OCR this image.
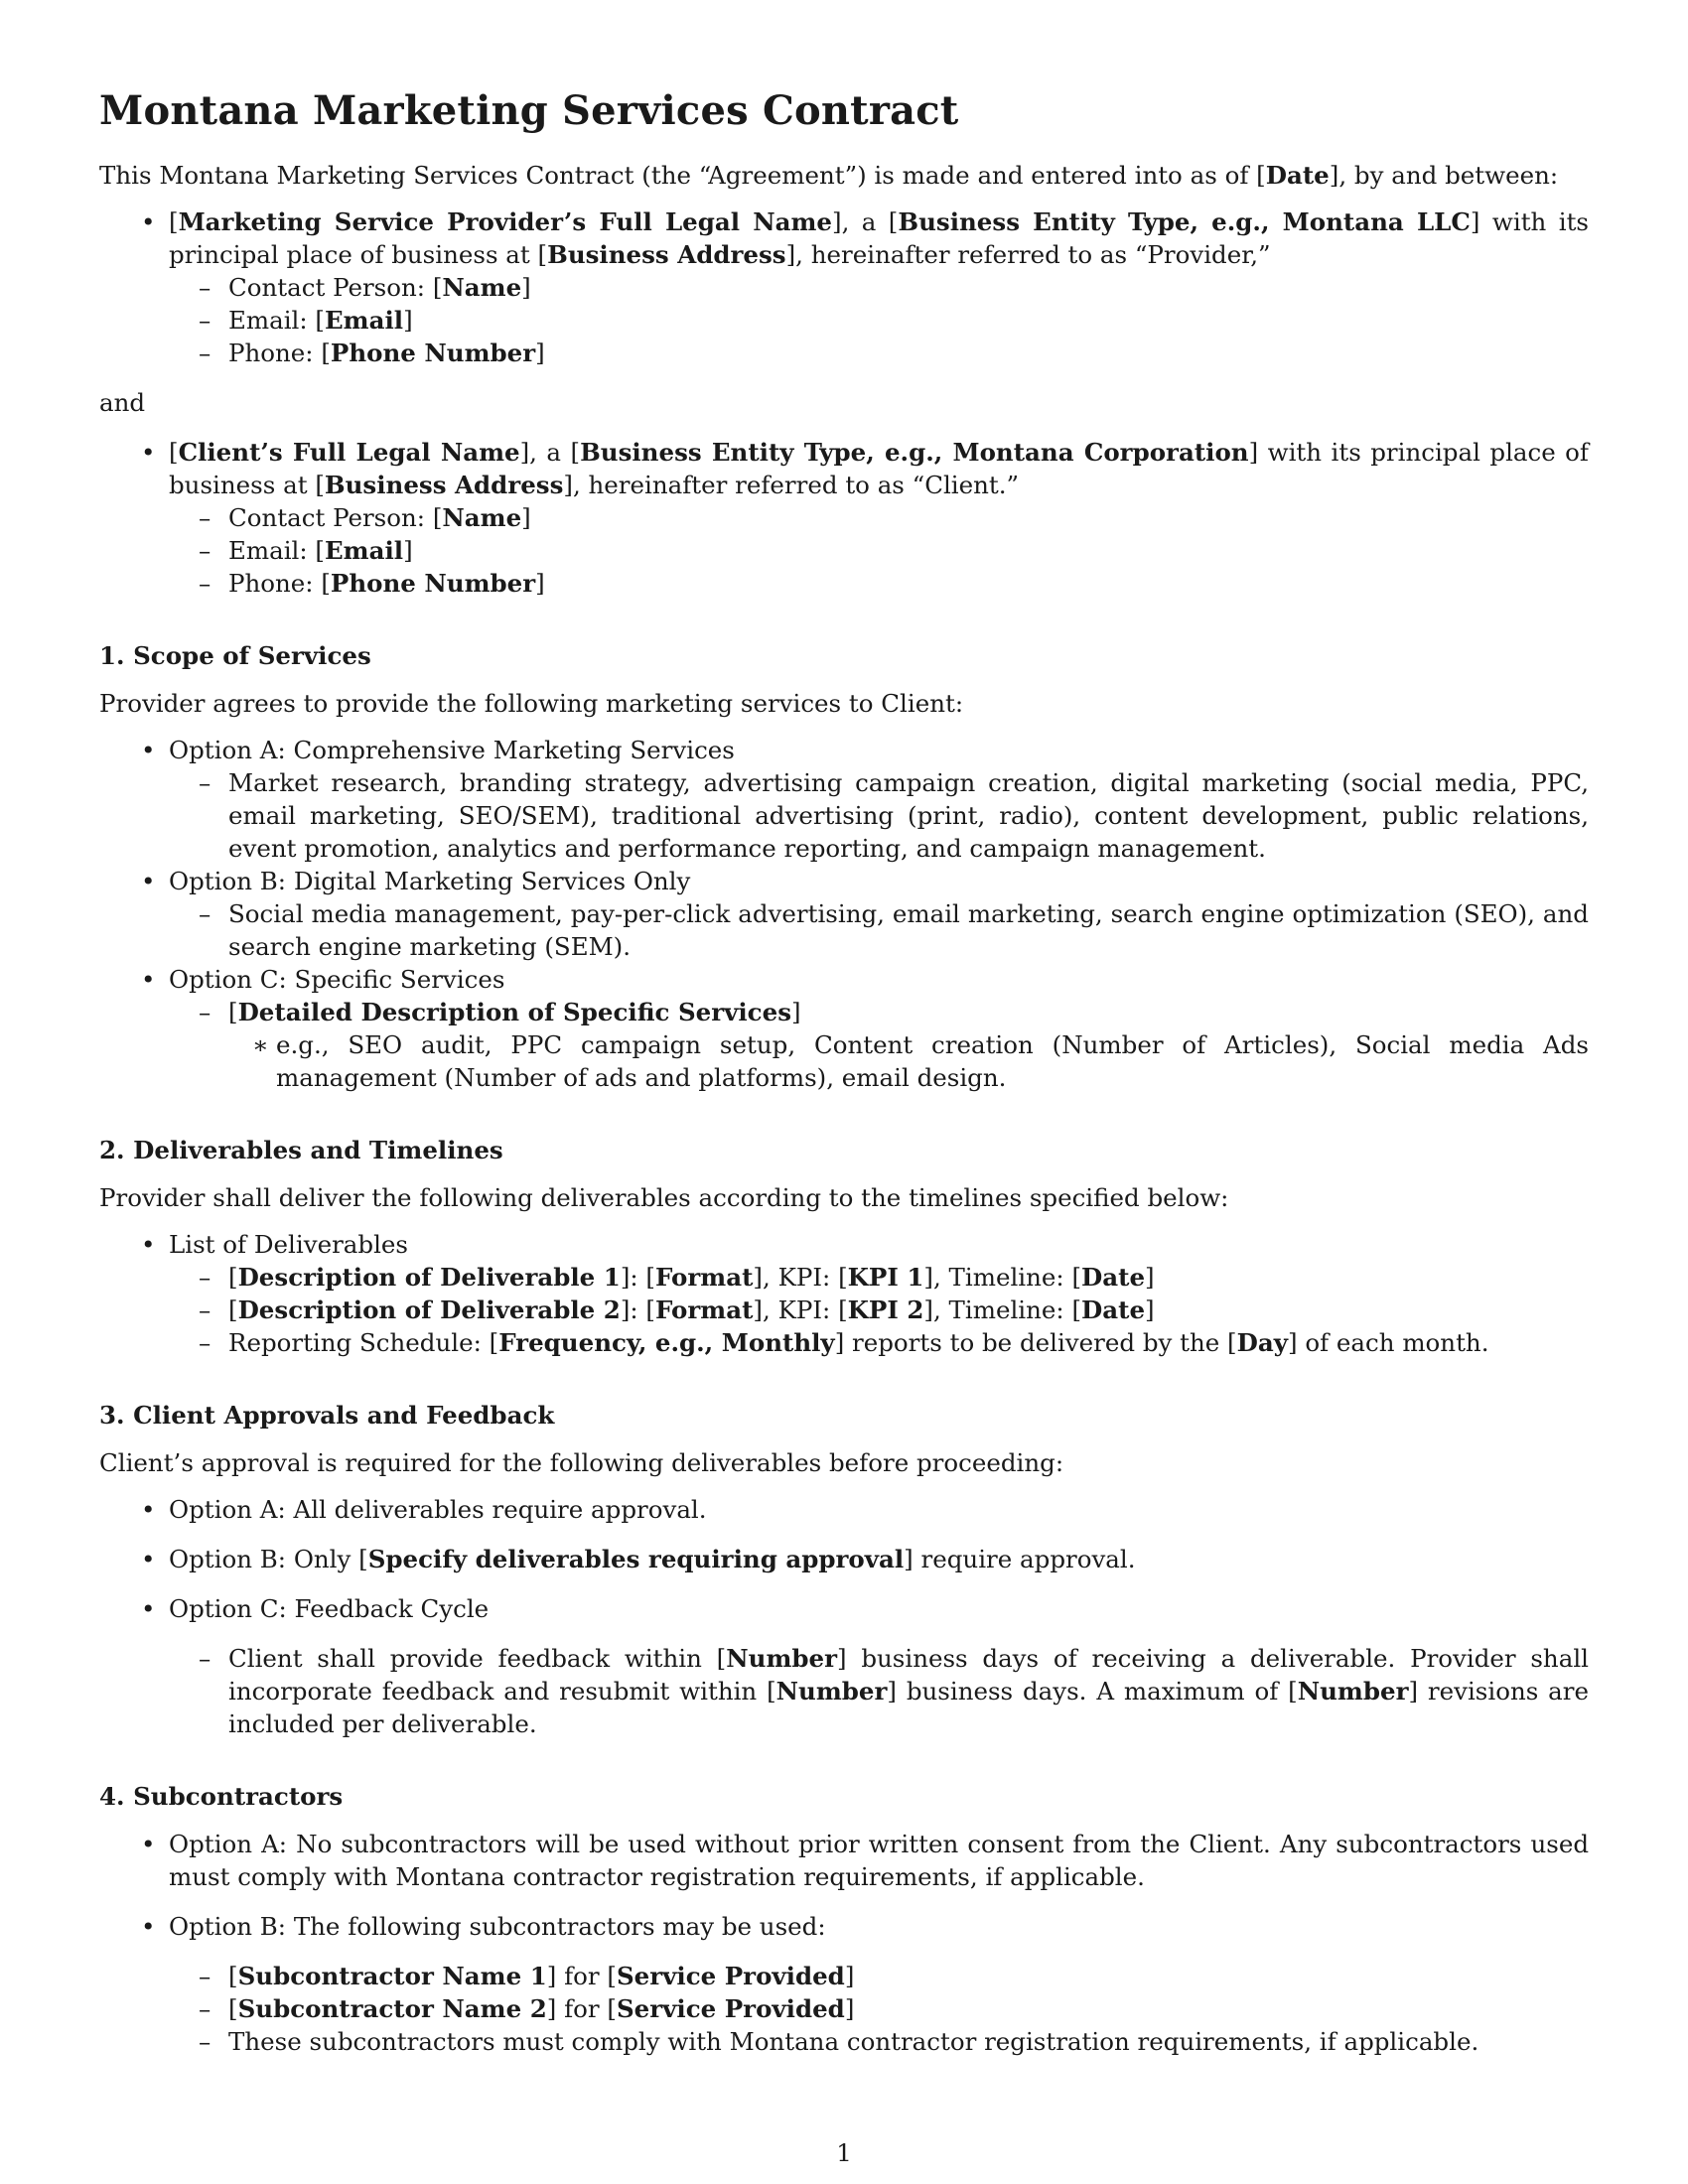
Montana Marketing Services Contract

This Montana Marketing Services Contract (the “Agreement”) is made and entered into as of [Date], by and between:

• [Marketing Service Provider’s Full Legal Name], a [Business Entity Type, e.g., Montana LLC] with its principal place of business at [Business Address], hereinafter referred to as “Provider,”
– Contact Person: [Name]
– Email: [Email]
– Phone: [Phone Number]

and

• [Client’s Full Legal Name], a [Business Entity Type, e.g., Montana Corporation] with its principal place of business at [Business Address], hereinafter referred to as “Client.”
– Contact Person: [Name]
– Email: [Email]
– Phone: [Phone Number]

1. Scope of Services

Provider agrees to provide the following marketing services to Client:

• Option A: Comprehensive Marketing Services
– Market research, branding strategy, advertising campaign creation, digital marketing (social media, PPC, email marketing, SEO/SEM), traditional advertising (print, radio), content development, public relations, event promotion, analytics and performance reporting, and campaign management.
• Option B: Digital Marketing Services Only
– Social media management, pay-per-click advertising, email marketing, search engine optimization (SEO), and search engine marketing (SEM).
• Option C: Specific Services
– [Detailed Description of Specific Services]
∗ e.g., SEO audit, PPC campaign setup, Content creation (Number of Articles), Social media Ads management (Number of ads and platforms), email design.

2. Deliverables and Timelines

Provider shall deliver the following deliverables according to the timelines specified below:

• List of Deliverables
– [Description of Deliverable 1]: [Format], KPI: [KPI 1], Timeline: [Date]
– [Description of Deliverable 2]: [Format], KPI: [KPI 2], Timeline: [Date]
– Reporting Schedule: [Frequency, e.g., Monthly] reports to be delivered by the [Day] of each month.

3. Client Approvals and Feedback

Client’s approval is required for the following deliverables before proceeding:

• Option A: All deliverables require approval.
• Option B: Only [Specify deliverables requiring approval] require approval.
• Option C: Feedback Cycle
– Client shall provide feedback within [Number] business days of receiving a deliverable. Provider shall incorporate feedback and resubmit within [Number] business days. A maximum of [Number] revisions are included per deliverable.

4. Subcontractors

• Option A: No subcontractors will be used without prior written consent from the Client. Any subcontractors used must comply with Montana contractor registration requirements, if applicable.
• Option B: The following subcontractors may be used:
– [Subcontractor Name 1] for [Service Provided]
– [Subcontractor Name 2] for [Service Provided]
– These subcontractors must comply with Montana contractor registration requirements, if applicable.
1
